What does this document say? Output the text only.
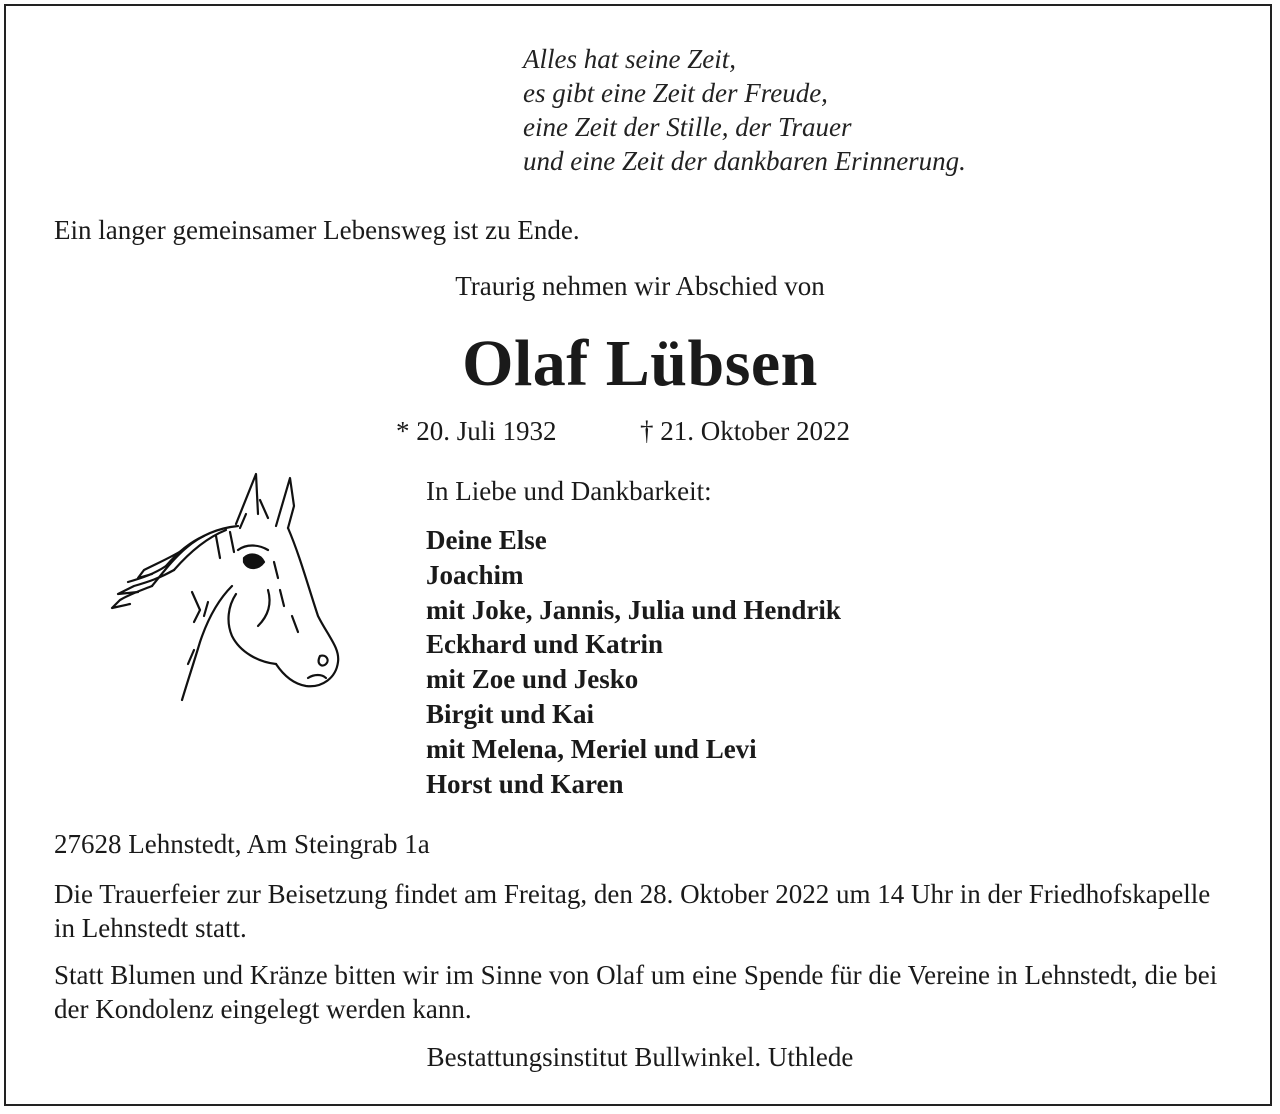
Alles hat seine Zeit,
es gibt eine Zeit der Freude,
eine Zeit der Stille, der Trauer
und eine Zeit der dankbaren Erinnerung.
Ein langer gemeinsamer Lebensweg ist zu Ende.
Traurig nehmen wir Abschied von
Olaf Lübsen
* 20. Juli 1932	† 21. Oktober 2022
In Liebe und Dankbarkeit:
Deine Else
Joachim
mit Joke, Jannis, Julia und Hendrik
Eckhard und Katrin
mit Zoe und Jesko
Birgit und Kai
mit Melena, Meriel und Levi
Horst und Karen
27628 Lehnstedt, Am Steingrab 1a
Die Trauerfeier zur Beisetzung findet am Freitag, den 28. Oktober 2022 um 14 Uhr in der Friedhofskapelle in Lehnstedt statt.
Statt Blumen und Kränze bitten wir im Sinne von Olaf um eine Spende für die Vereine in Lehnstedt, die bei der Kondolenz eingelegt werden kann.
Bestattungsinstitut Bullwinkel. Uthlede
